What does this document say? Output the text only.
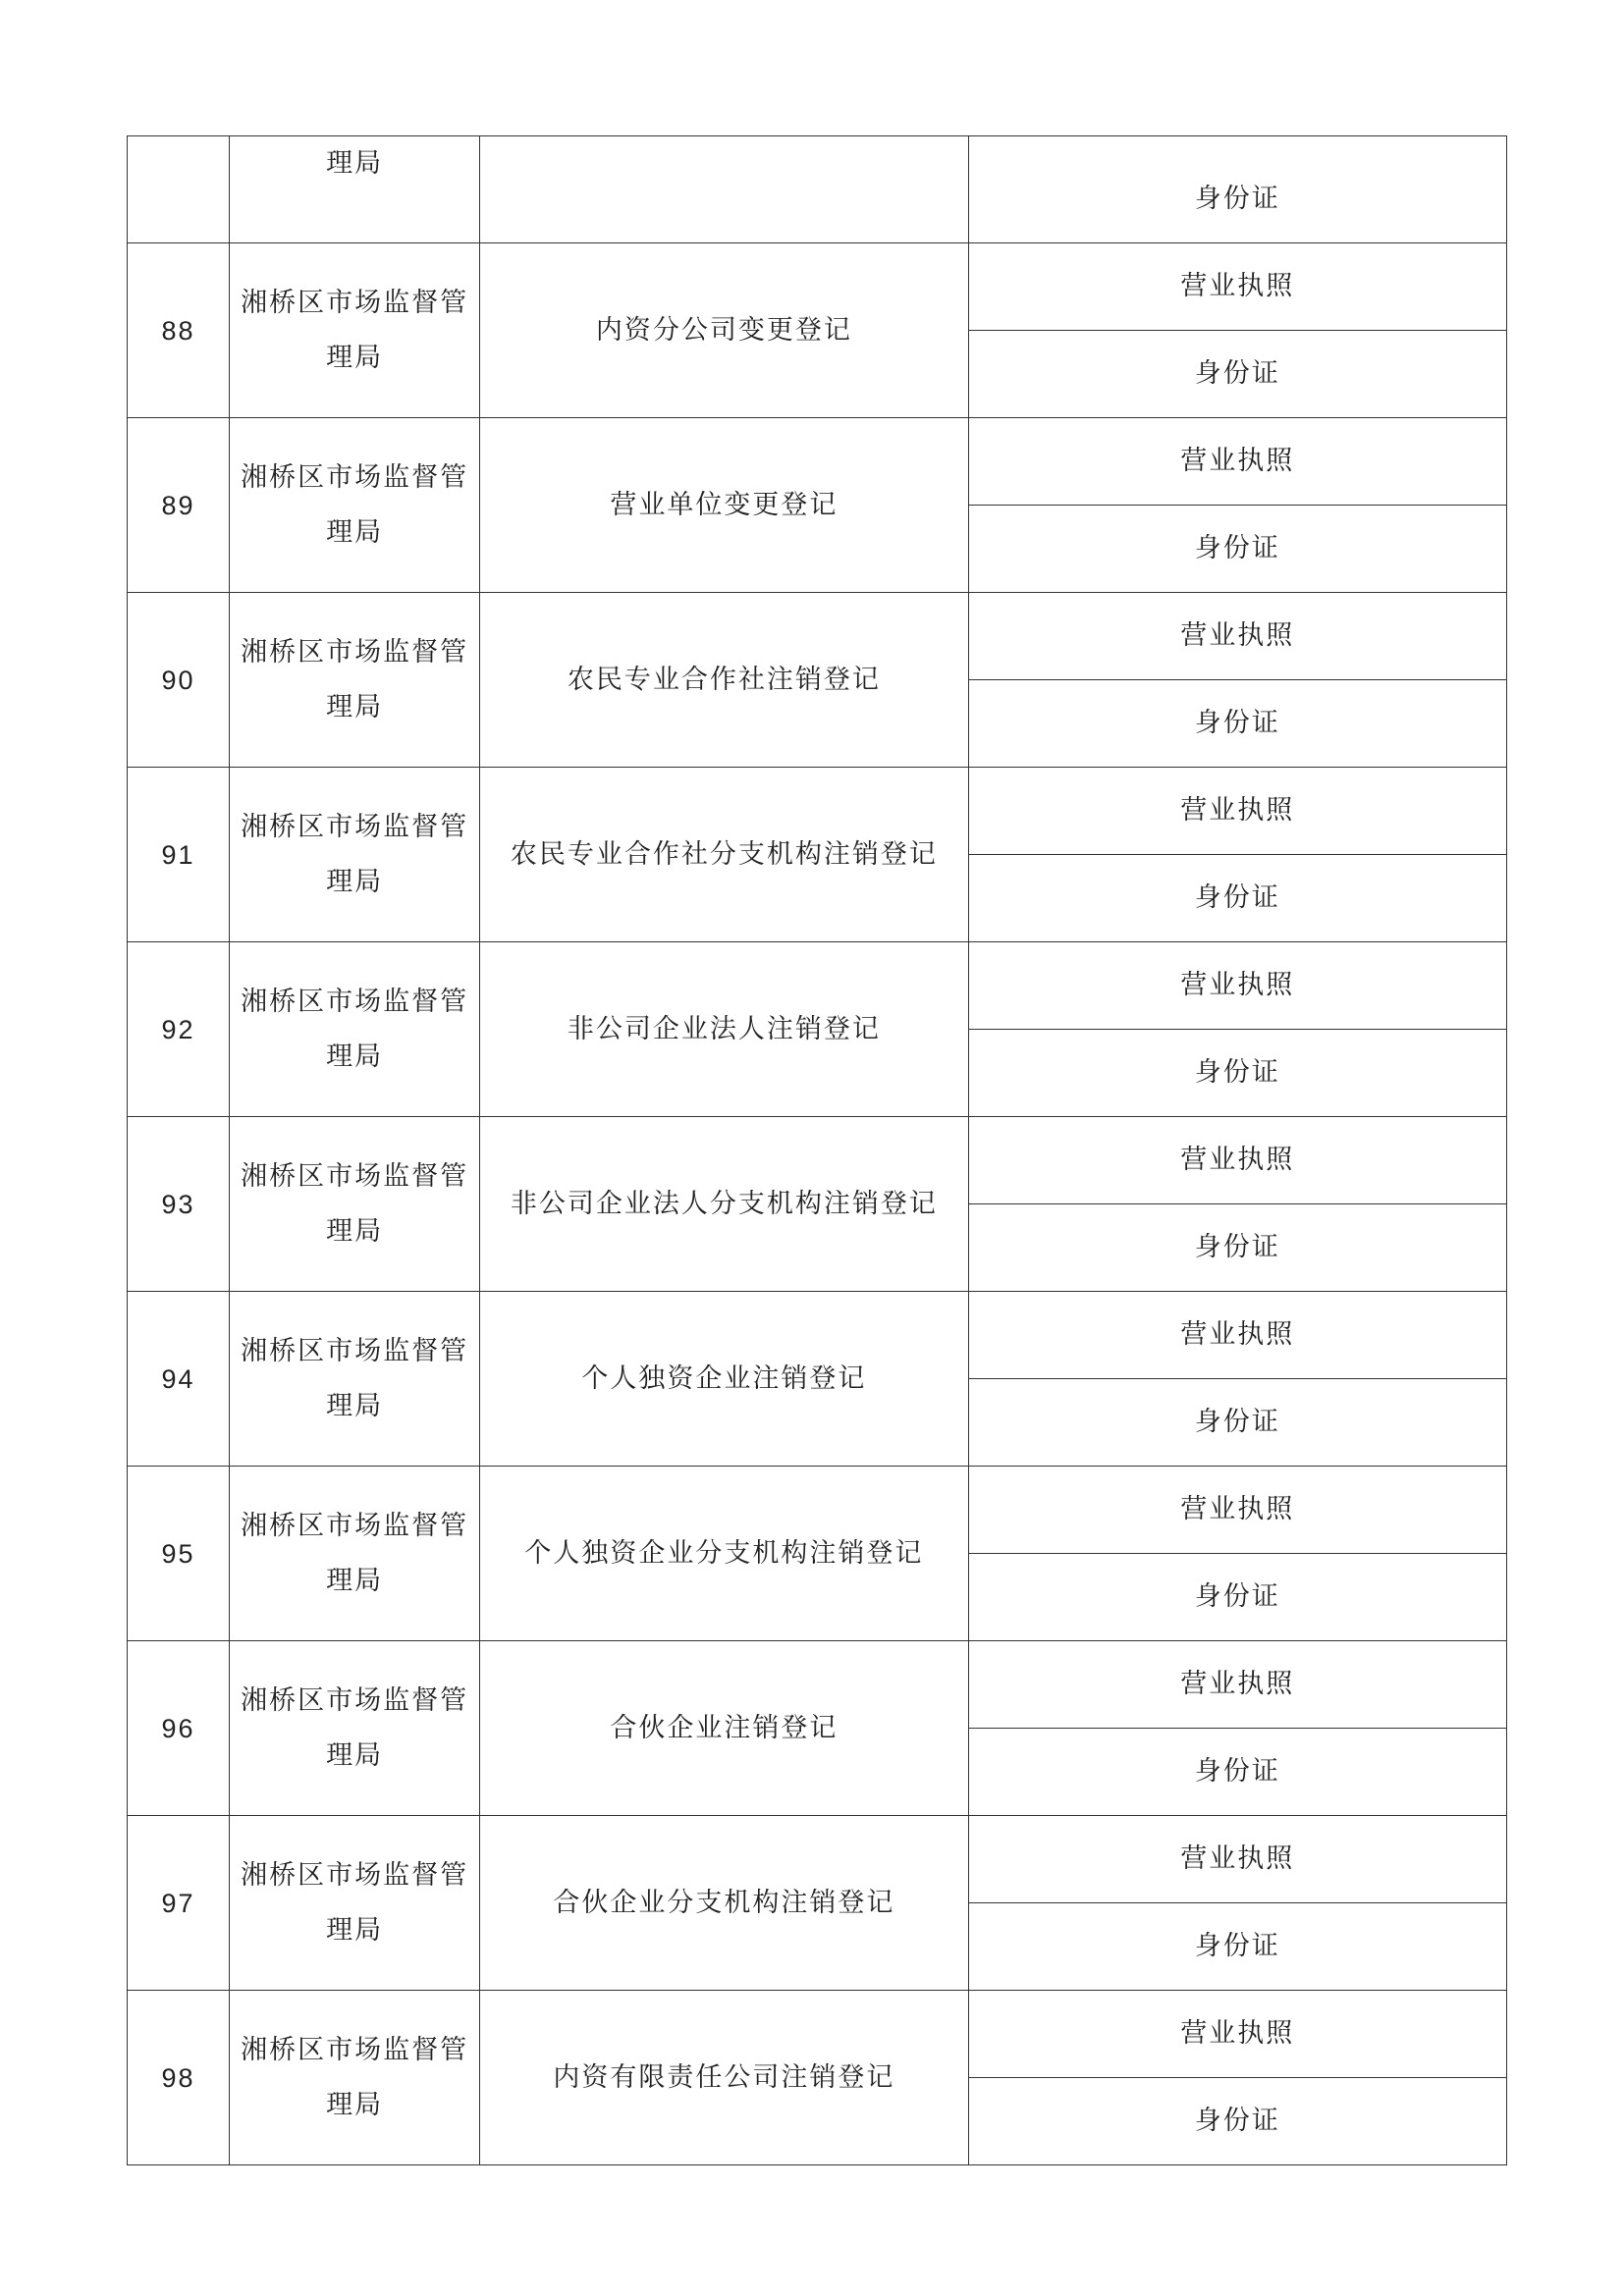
	理局		身份证
88	湘桥区市场监督管理局	内资分公司变更登记	营业执照
			身份证
89	湘桥区市场监督管理局	营业单位变更登记	营业执照
			身份证
90	湘桥区市场监督管理局	农民专业合作社注销登记	营业执照
			身份证
91	湘桥区市场监督管理局	农民专业合作社分支机构注销登记	营业执照
			身份证
92	湘桥区市场监督管理局	非公司企业法人注销登记	营业执照
			身份证
93	湘桥区市场监督管理局	非公司企业法人分支机构注销登记	营业执照
			身份证
94	湘桥区市场监督管理局	个人独资企业注销登记	营业执照
			身份证
95	湘桥区市场监督管理局	个人独资企业分支机构注销登记	营业执照
			身份证
96	湘桥区市场监督管理局	合伙企业注销登记	营业执照
			身份证
97	湘桥区市场监督管理局	合伙企业分支机构注销登记	营业执照
			身份证
98	湘桥区市场监督管理局	内资有限责任公司注销登记	营业执照
			身份证
